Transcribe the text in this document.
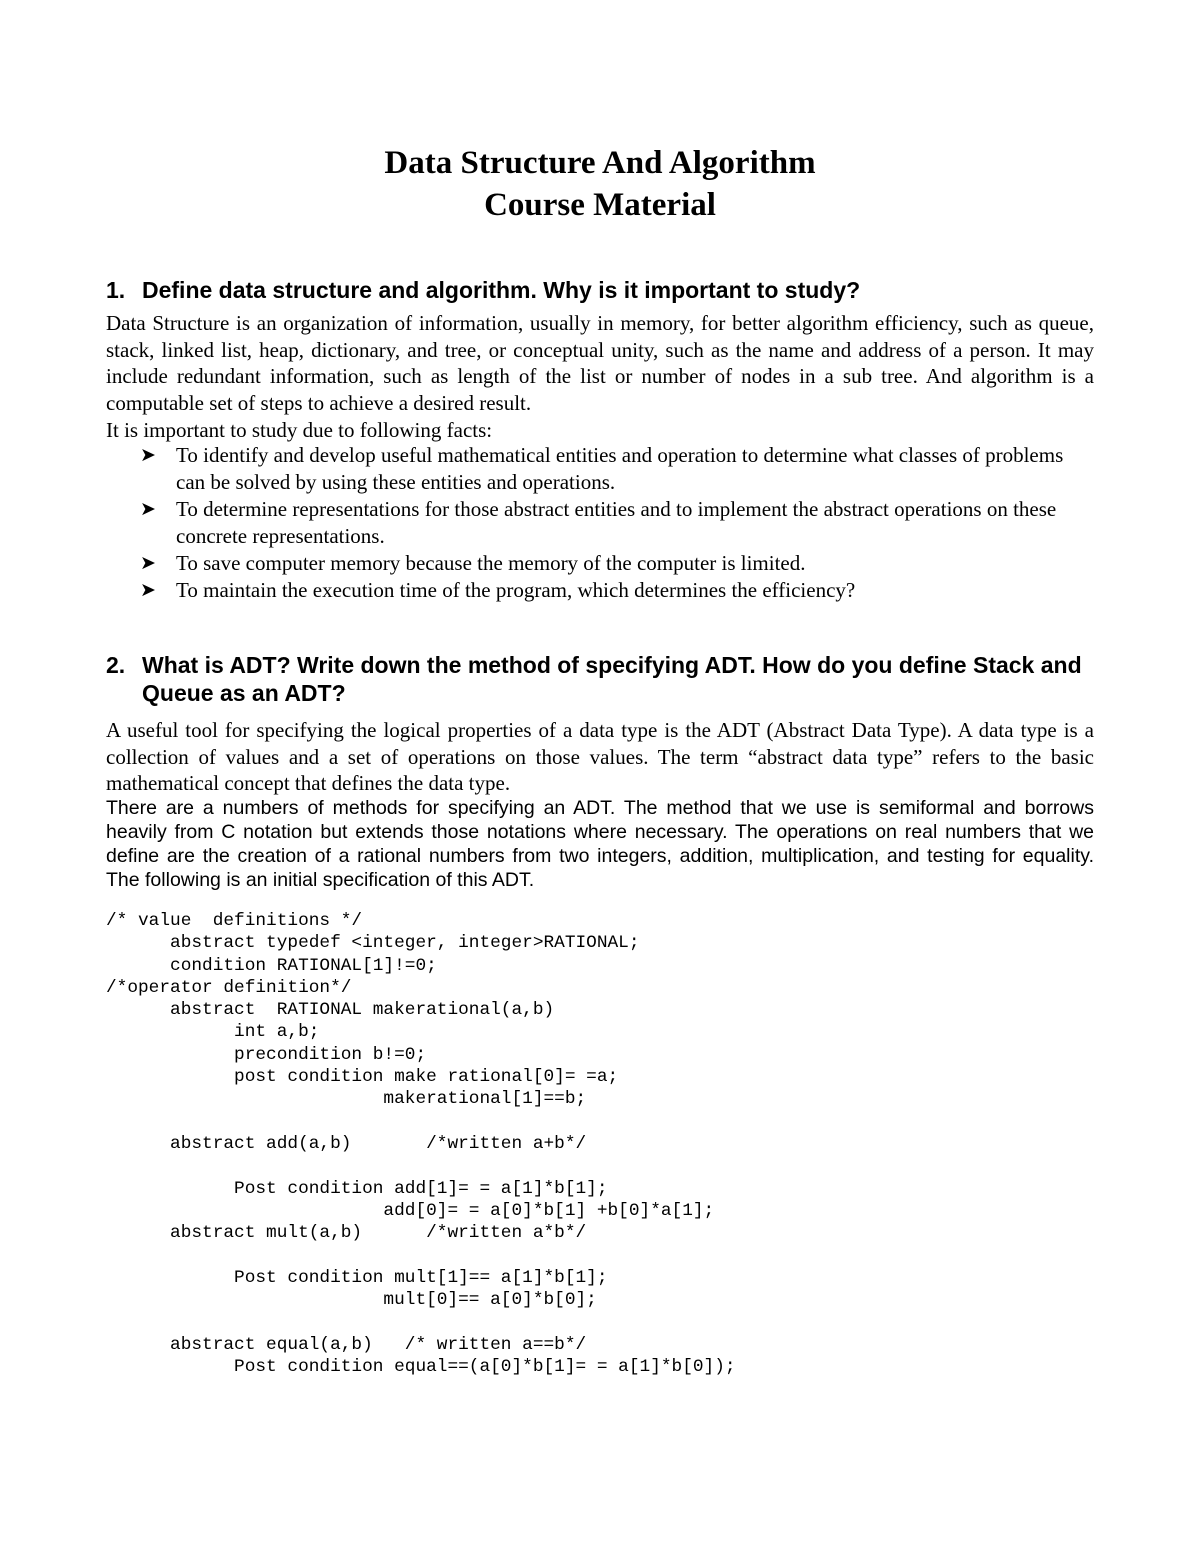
Data Structure And Algorithm
Course Material
1. Define data structure and algorithm. Why is it important to study?
Data Structure is an organization of information, usually in memory, for better algorithm efficiency, such as queue, stack, linked list, heap, dictionary, and tree, or conceptual unity, such as the name and address of a person. It may include redundant information, such as length of the list or number of nodes in a sub tree. And algorithm is a computable set of steps to achieve a desired result.
It is important to study due to following facts:
➤ To identify and develop useful mathematical entities and operation to determine what classes of problems can be solved by using these entities and operations.
➤ To determine representations for those abstract entities and to implement the abstract operations on these concrete representations.
➤ To save computer memory because the memory of the computer is limited.
➤ To maintain the execution time of the program, which determines the efficiency?
2. What is ADT? Write down the method of specifying ADT. How do you define Stack and Queue as an ADT?
A useful tool for specifying the logical properties of a data type is the ADT (Abstract Data Type). A data type is a collection of values and a set of operations on those values. The term “abstract data type” refers to the basic mathematical concept that defines the data type.
There are a numbers of methods for specifying an ADT. The method that we use is semiformal and borrows heavily from C notation but extends those notations where necessary. The operations on real numbers that we define are the creation of a rational numbers from two integers, addition, multiplication, and testing for equality. The following is an initial specification of this ADT.
/* value  definitions */
abstract typedef <integer, integer>RATIONAL;
condition RATIONAL[1]!=0;
/*operator definition*/
abstract  RATIONAL makerational(a,b)
int a,b;
precondition b!=0;
post condition make rational[0]= =a;
makerational[1]==b;

abstract add(a,b)       /*written a+b*/

Post condition add[1]= = a[1]*b[1];
add[0]= = a[0]*b[1] +b[0]*a[1];
abstract mult(a,b)      /*written a*b*/

Post condition mult[1]== a[1]*b[1];
mult[0]== a[0]*b[0];

abstract equal(a,b)   /* written a==b*/
Post condition equal==(a[0]*b[1]= = a[1]*b[0]);
